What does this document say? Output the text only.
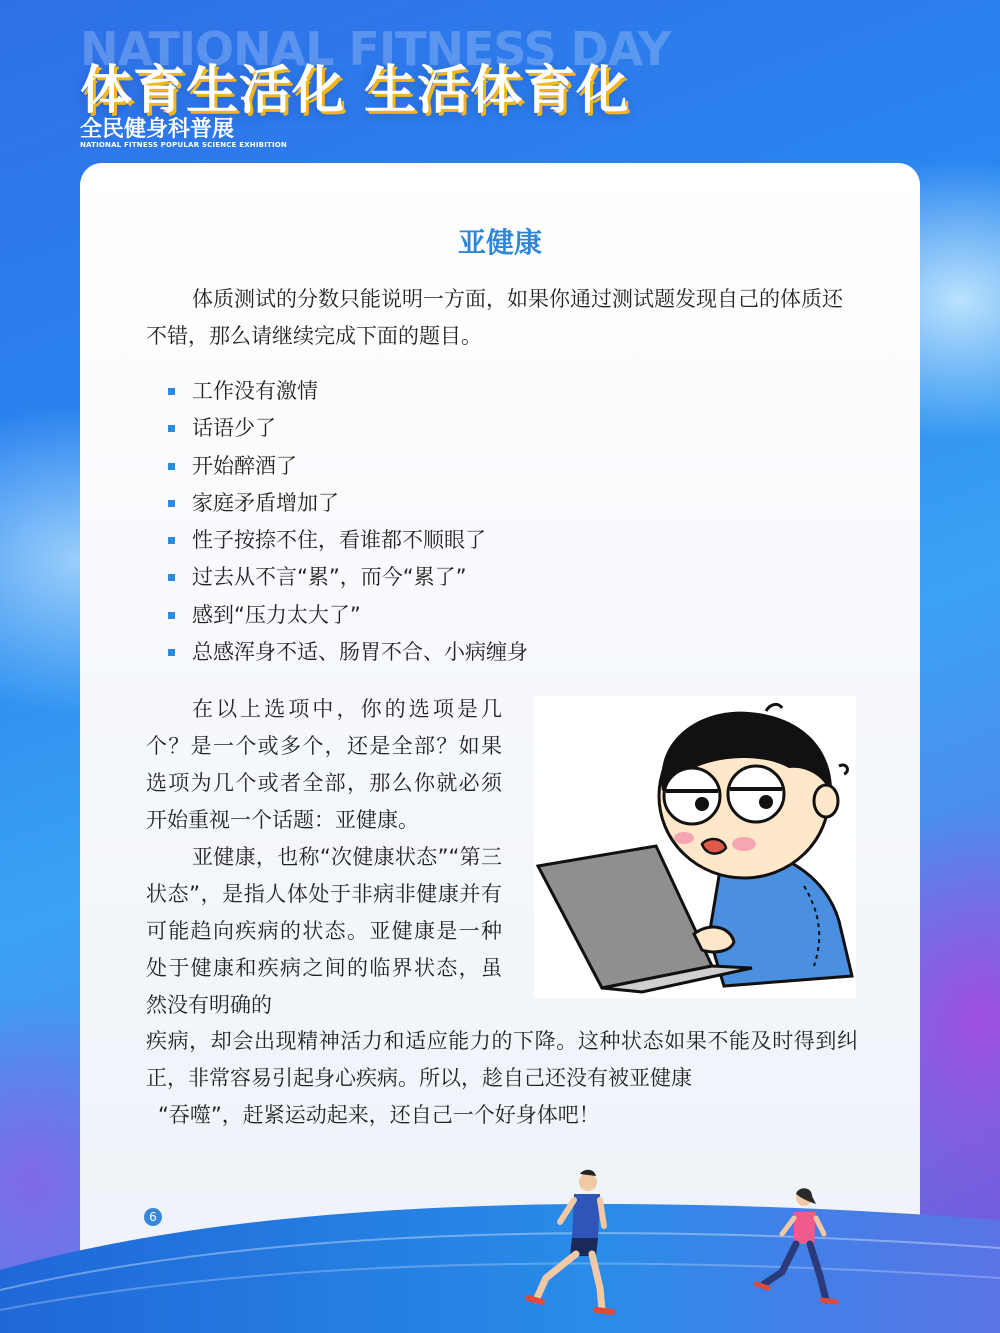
NATIONAL FITNESS DAY
体育生活化 生活体育化
全民健身科普展
NATIONAL FITNESS POPULAR SCIENCE EXHIBITION
亚健康
体质测试的分数只能说明一方面，如果你通过测试题发现自己的体质还不错，那么请继续完成下面的题目。
工作没有激情
话语少了
开始醉酒了
家庭矛盾增加了
性子按捺不住，看谁都不顺眼了
过去从不言“累”，而今“累了”
感到“压力太大了”
总感浑身不适、肠胃不合、小病缠身
在以上选项中，你的选项是几个？是一个或多个，还是全部？如果选项为几个或者全部，那么你就必须开始重视一个话题：亚健康。
亚健康，也称“次健康状态”“第三状态”，是指人体处于非病非健康并有可能趋向疾病的状态。亚健康是一种处于健康和疾病之间的临界状态，虽然没有明确的
疾病，却会出现精神活力和适应能力的下降。这种状态如果不能及时得到纠正，非常容易引起身心疾病。所以，趁自己还没有被亚健康
“吞噬”，赶紧运动起来，还自己一个好身体吧！
6
